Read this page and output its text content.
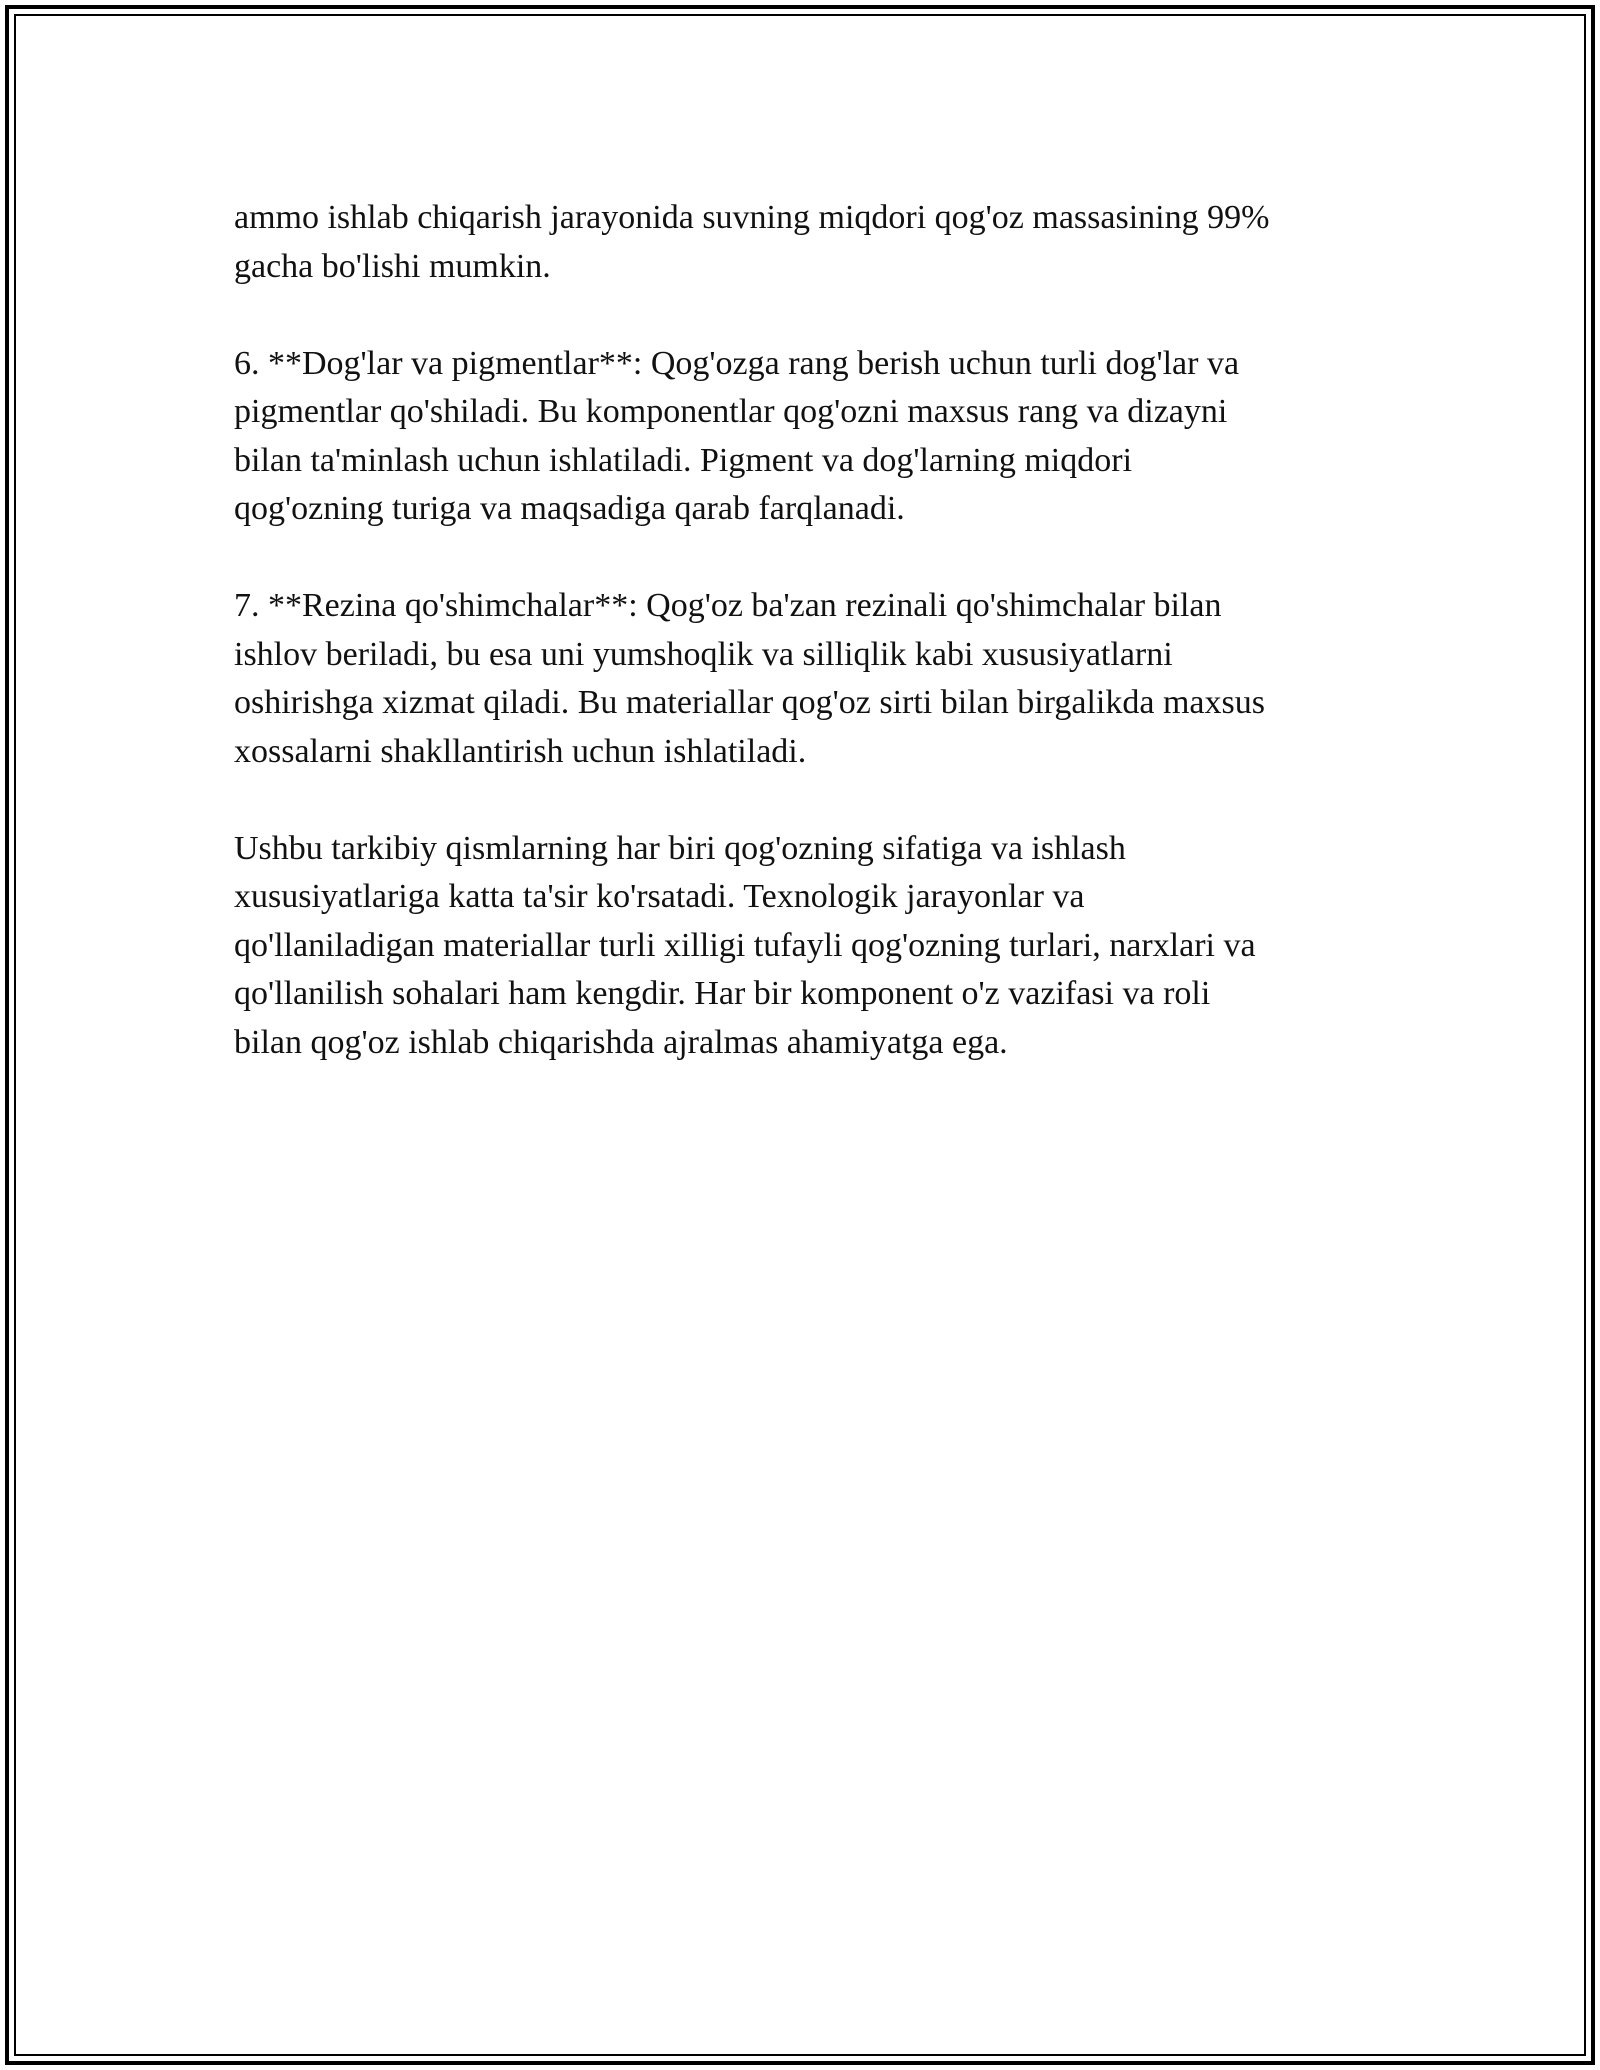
ammo ishlab chiqarish jarayonida suvning miqdori qog'oz massasining 99%
gacha bo'lishi mumkin.

6. **Dog'lar va pigmentlar**: Qog'ozga rang berish uchun turli dog'lar va
pigmentlar qo'shiladi. Bu komponentlar qog'ozni maxsus rang va dizayni
bilan ta'minlash uchun ishlatiladi. Pigment va dog'larning miqdori
qog'ozning turiga va maqsadiga qarab farqlanadi.

7. **Rezina qo'shimchalar**: Qog'oz ba'zan rezinali qo'shimchalar bilan
ishlov beriladi, bu esa uni yumshoqlik va silliqlik kabi xususiyatlarni
oshirishga xizmat qiladi. Bu materiallar qog'oz sirti bilan birgalikda maxsus
xossalarni shakllantirish uchun ishlatiladi.

Ushbu tarkibiy qismlarning har biri qog'ozning sifatiga va ishlash
xususiyatlariga katta ta'sir ko'rsatadi. Texnologik jarayonlar va
qo'llaniladigan materiallar turli xilligi tufayli qog'ozning turlari, narxlari va
qo'llanilish sohalari ham kengdir. Har bir komponent o'z vazifasi va roli
bilan qog'oz ishlab chiqarishda ajralmas ahamiyatga ega.
